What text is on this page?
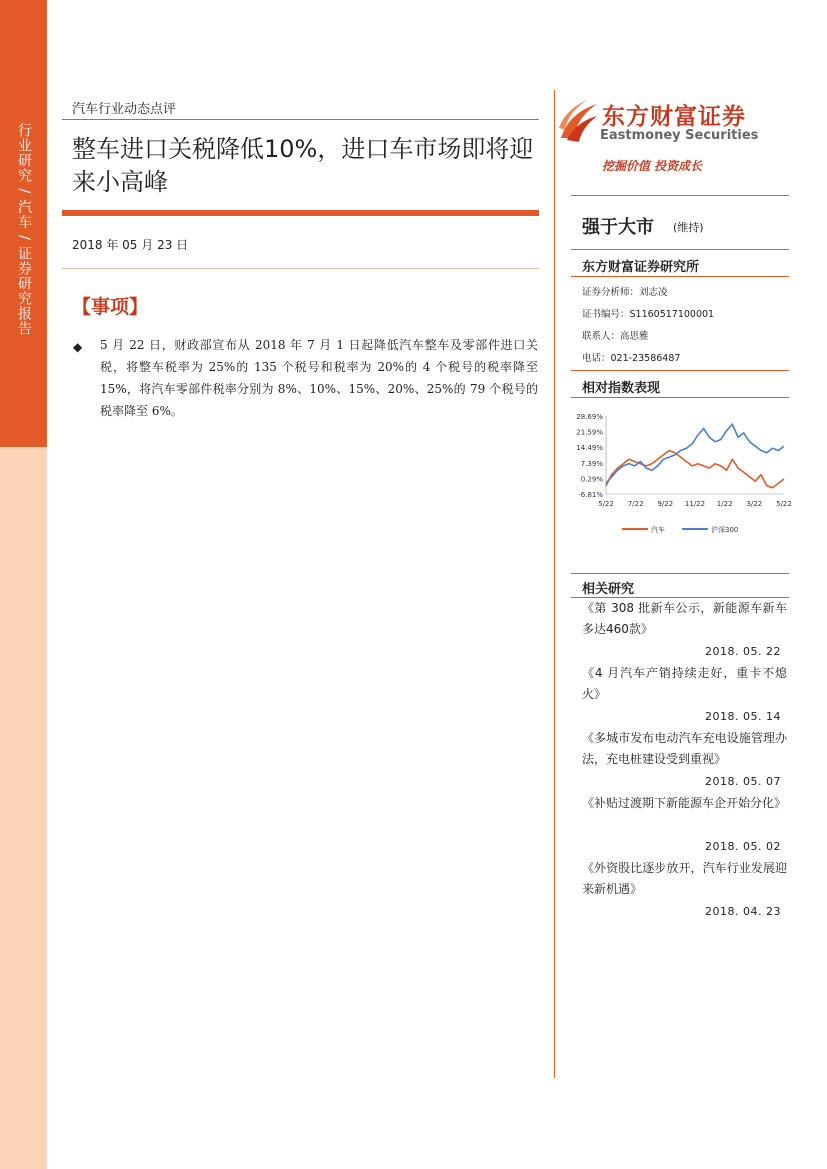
行业研究 / 汽车 / 证券研究报告
汽车行业动态点评
整车进口关税降低10%，进口车市场即将迎来小高峰
2018 年 05 月 23 日
【事项】
◆ 5 月 22 日，财政部宣布从 2018 年 7 月 1 日起降低汽车整车及零部件进口关税，将整车税率为 25%的 135 个税号和税率为 20%的 4 个税号的税率降至 15%，将汽车零部件税率分别为 8%、10%、15%、20%、25%的 79 个税号的税率降至 6%。
东方财富证券
Eastmoney Securities
挖掘价值 投资成长
强于大市 (维持)
东方财富证券研究所
证券分析师：刘志凌
证书编号：S1160517100001
联系人：高思雅
电话：021-23586487
相对指数表现
28.69%
21.59%
14.49%
7.39%
0.29%
-6.81%
5/22 7/22 9/22 11/22 1/22 3/22 5/22
汽车	沪深300
相关研究
《第 308 批新车公示，新能源车新车多达460款》
2018. 05. 22
《4 月汽车产销持续走好，重卡不熄火》
2018. 05. 14
《多城市发布电动汽车充电设施管理办法，充电桩建设受到重视》
2018. 05. 07
《补贴过渡期下新能源车企开始分化》
2018. 05. 02
《外资股比逐步放开，汽车行业发展迎来新机遇》
2018. 04. 23
